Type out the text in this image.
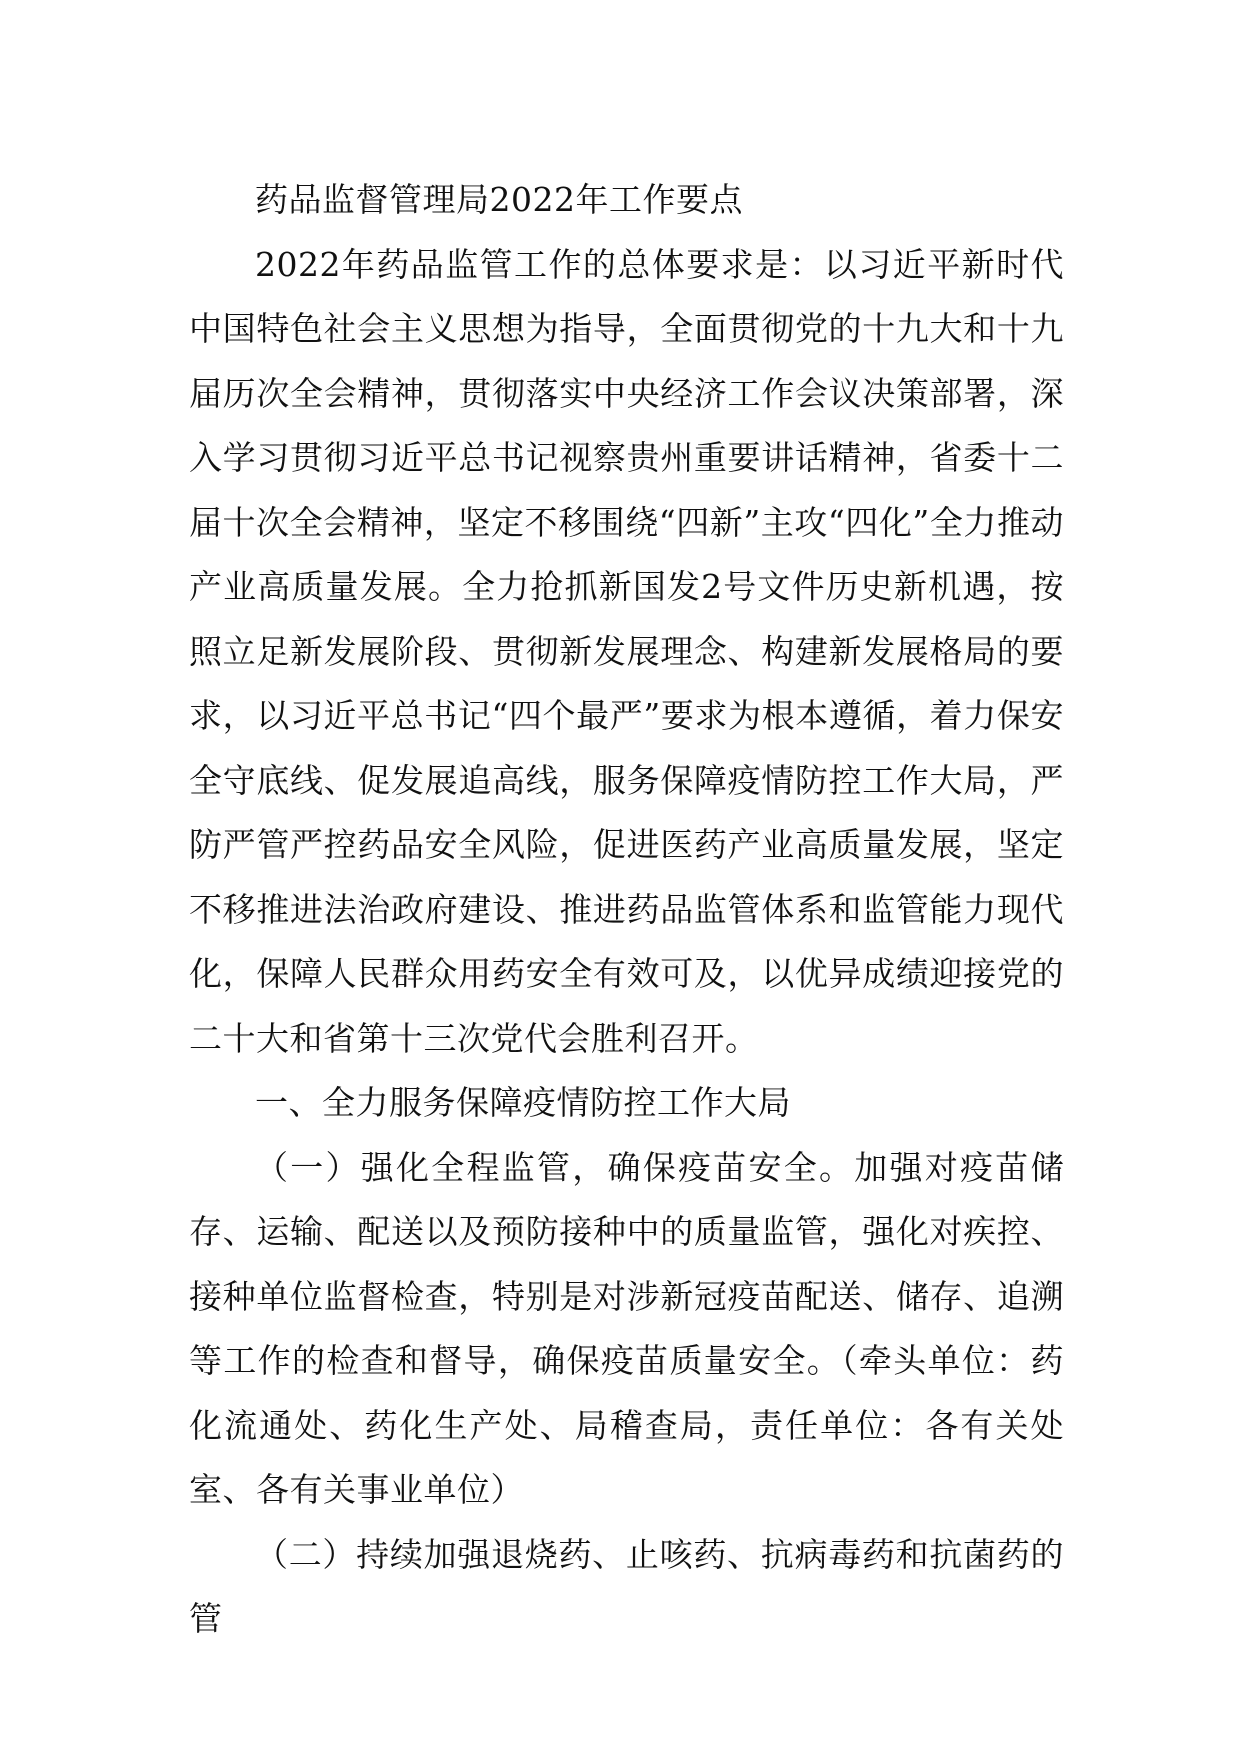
药品监督管理局2022年工作要点

2022年药品监管工作的总体要求是：以习近平新时代中国特色社会主义思想为指导，全面贯彻党的十九大和十九届历次全会精神，贯彻落实中央经济工作会议决策部署，深入学习贯彻习近平总书记视察贵州重要讲话精神，省委十二届十次全会精神，坚定不移围绕“四新”主攻“四化”全力推动产业高质量发展。全力抢抓新国发2号文件历史新机遇，按照立足新发展阶段、贯彻新发展理念、构建新发展格局的要求，以习近平总书记“四个最严”要求为根本遵循，着力保安全守底线、促发展追高线，服务保障疫情防控工作大局，严防严管严控药品安全风险，促进医药产业高质量发展，坚定不移推进法治政府建设、推进药品监管体系和监管能力现代化，保障人民群众用药安全有效可及，以优异成绩迎接党的二十大和省第十三次党代会胜利召开。

一、全力服务保障疫情防控工作大局

（一）强化全程监管，确保疫苗安全。加强对疫苗储存、运输、配送以及预防接种中的质量监管，强化对疾控、接种单位监督检查，特别是对涉新冠疫苗配送、储存、追溯等工作的检查和督导，确保疫苗质量安全。（牵头单位：药化流通处、药化生产处、局稽查局，责任单位：各有关处室、各有关事业单位）

（二）持续加强退烧药、止咳药、抗病毒药和抗菌药的管
